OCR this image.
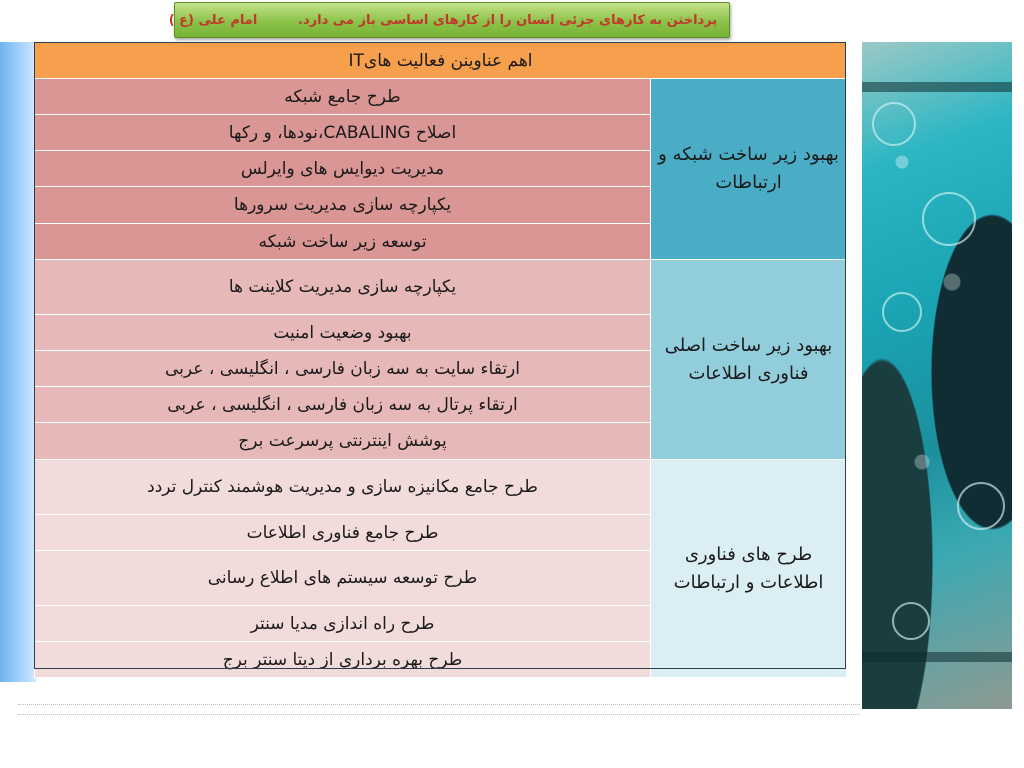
پرداختن به کارهای جزئی انسان را از کارهای اساسی باز می دارد.         امام علی (ع )

اهم عناوینن فعالیت هایIT	
بهبود زیر ساخت شبکه و ارتباطات	طرح جامع شبکه
	اصلاح CABALING،نودها، و رکها
	مدیریت دیوایس های وایرلس
	یکپارچه سازی مدیریت سرورها
	توسعه زیر ساخت شبکه
بهبود زیر ساخت اصلی فناوری اطلاعات	یکپارچه سازی مدیریت کلاینت ها
	بهبود وضعیت امنیت
	ارتقاء سایت به سه زبان فارسی ، انگلیسی ، عربی
	ارتقاء پرتال به سه زبان فارسی ، انگلیسی ، عربی
	پوشش اینترنتی پرسرعت برج
طرح های فناوری اطلاعات و ارتباطات	طرح جامع مکانیزه سازی و مدیریت هوشمند کنترل تردد
	طرح جامع فناوری اطلاعات
	طرح توسعه سیستم های اطلاع رسانی
	طرح راه اندازی مدیا سنتر
	طرح بهره برداری از دیتا سنتر برج
